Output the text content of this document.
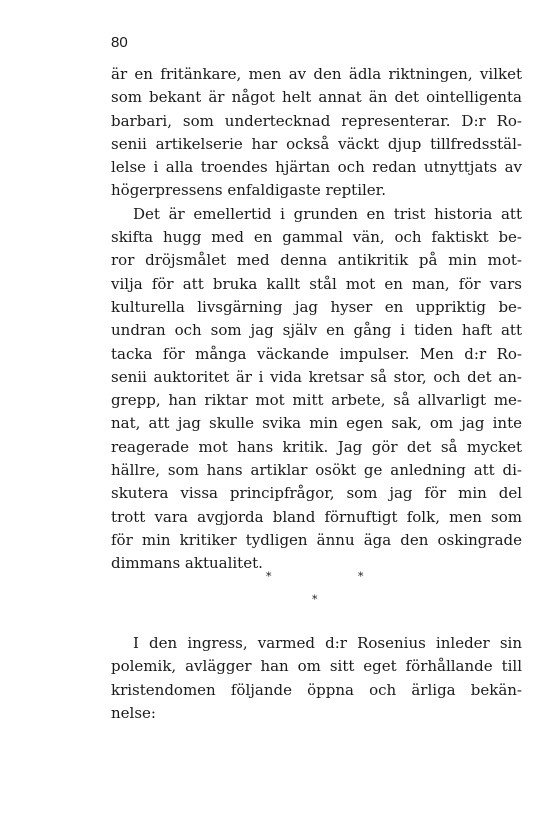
80
är en fritänkare, men av den ädla riktningen, vilket
som bekant är något helt annat än det ointelligenta
barbari, som undertecknad representerar. D:r Ro-
senii artikelserie har också väckt djup tillfredsstäl-
lelse i alla troendes hjärtan och redan utnyttjats av
högerpressens enfaldigaste reptiler.
Det är emellertid i grunden en trist historia att
skifta hugg med en gammal vän, och faktiskt be-
ror dröjsmålet med denna antikritik på min mot-
vilja för att bruka kallt stål mot en man, för vars
kulturella livsgärning jag hyser en uppriktig be-
undran och som jag själv en gång i tiden haft att
tacka för många väckande impulser. Men d:r Ro-
senii auktoritet är i vida kretsar så stor, och det an-
grepp, han riktar mot mitt arbete, så allvarligt me-
nat, att jag skulle svika min egen sak, om jag inte
reagerade mot hans kritik. Jag gör det så mycket
hällre, som hans artiklar osökt ge anledning att di-
skutera vissa principfrågor, som jag för min del
trott vara avgjorda bland förnuftigt folk, men som
för min kritiker tydligen ännu äga den oskingrade
dimmans aktualitet.
*	*
*
I den ingress, varmed d:r Rosenius inleder sin
polemik, avlägger han om sitt eget förhållande till
kristendomen följande öppna och ärliga bekän-
nelse:
